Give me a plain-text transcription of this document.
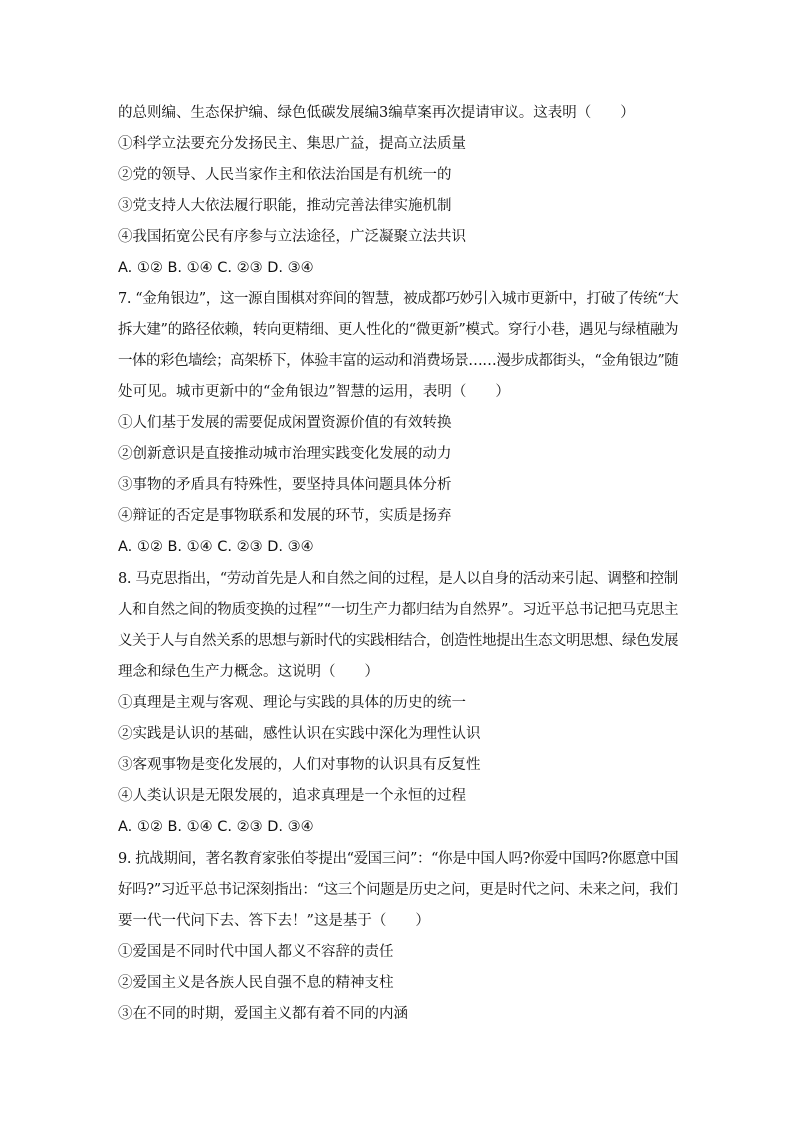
的总则编、生态保护编、绿色低碳发展编3编草案再次提请审议。这表明（　　）
①科学立法要充分发扬民主、集思广益，提高立法质量
②党的领导、人民当家作主和依法治国是有机统一的
③党支持人大依法履行职能，推动完善法律实施机制
④我国拓宽公民有序参与立法途径，广泛凝聚立法共识
A. ①② B. ①④ C. ②③ D. ③④
7. “金角银边”，这一源自围棋对弈间的智慧，被成都巧妙引入城市更新中，打破了传统“大
拆大建”的路径依赖，转向更精细、更人性化的“微更新”模式。穿行小巷，遇见与绿植融为
一体的彩色墙绘；高架桥下，体验丰富的运动和消费场景……漫步成都街头，“金角银边”随
处可见。城市更新中的“金角银边”智慧的运用，表明（　　）
①人们基于发展的需要促成闲置资源价值的有效转换
②创新意识是直接推动城市治理实践变化发展的动力
③事物的矛盾具有特殊性，要坚持具体问题具体分析
④辩证的否定是事物联系和发展的环节，实质是扬弃
A. ①② B. ①④ C. ②③ D. ③④
8. 马克思指出，“劳动首先是人和自然之间的过程，是人以自身的活动来引起、调整和控制
人和自然之间的物质变换的过程”“一切生产力都归结为自然界”。习近平总书记把马克思主
义关于人与自然关系的思想与新时代的实践相结合，创造性地提出生态文明思想、绿色发展
理念和绿色生产力概念。这说明（　　）
①真理是主观与客观、理论与实践的具体的历史的统一
②实践是认识的基础，感性认识在实践中深化为理性认识
③客观事物是变化发展的，人们对事物的认识具有反复性
④人类认识是无限发展的，追求真理是一个永恒的过程
A. ①② B. ①④ C. ②③ D. ③④
9. 抗战期间，著名教育家张伯苓提出“爱国三问”：“你是中国人吗?你爱中国吗?你愿意中国
好吗?”习近平总书记深刻指出：“这三个问题是历史之问，更是时代之问、未来之问，我们
要一代一代问下去、答下去！”这是基于（　　）
①爱国是不同时代中国人都义不容辞的责任
②爱国主义是各族人民自强不息的精神支柱
③在不同的时期，爱国主义都有着不同的内涵
